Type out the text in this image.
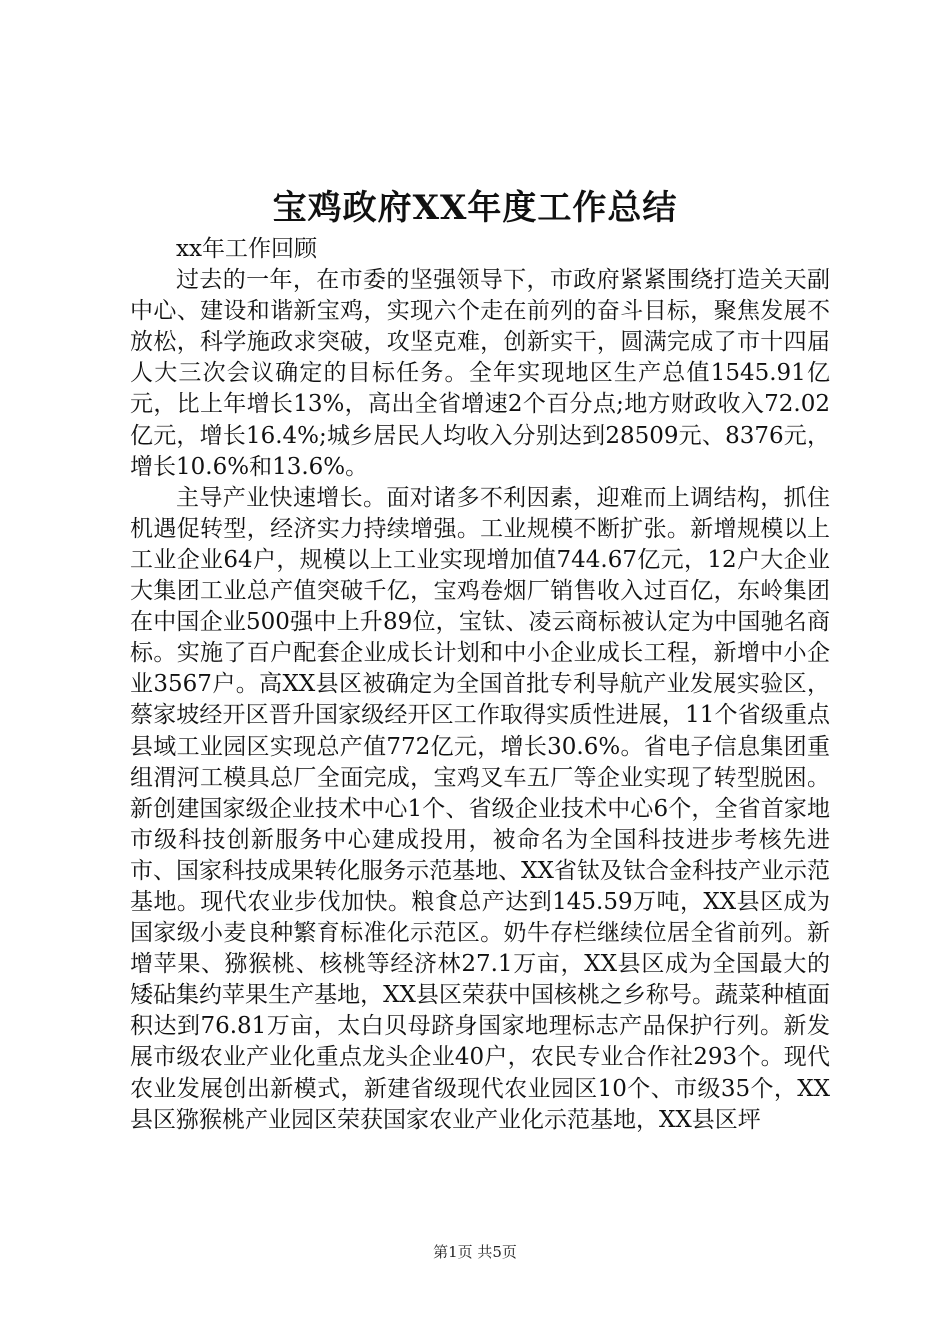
宝鸡政府XX年度工作总结

xx年工作回顾

过去的一年，在市委的坚强领导下，市政府紧紧围绕打造关天副中心、建设和谐新宝鸡，实现六个走在前列的奋斗目标，聚焦发展不放松，科学施政求突破，攻坚克难，创新实干，圆满完成了市十四届人大三次会议确定的目标任务。全年实现地区生产总值1545.91亿元，比上年增长13%，高出全省增速2个百分点;地方财政收入72.02亿元，增长16.4%;城乡居民人均收入分别达到28509元、8376元，增长10.6%和13.6%。

主导产业快速增长。面对诸多不利因素，迎难而上调结构，抓住机遇促转型，经济实力持续增强。工业规模不断扩张。新增规模以上工业企业64户，规模以上工业实现增加值744.67亿元，12户大企业大集团工业总产值突破千亿，宝鸡卷烟厂销售收入过百亿，东岭集团在中国企业500强中上升89位，宝钛、凌云商标被认定为中国驰名商标。实施了百户配套企业成长计划和中小企业成长工程，新增中小企业3567户。高XX县区被确定为全国首批专利导航产业发展实验区，蔡家坡经开区晋升国家级经开区工作取得实质性进展，11个省级重点县域工业园区实现总产值772亿元，增长30.6%。省电子信息集团重组渭河工模具总厂全面完成，宝鸡叉车五厂等企业实现了转型脱困。新创建国家级企业技术中心1个、省级企业技术中心6个，全省首家地市级科技创新服务中心建成投用，被命名为全国科技进步考核先进市、国家科技成果转化服务示范基地、XX省钛及钛合金科技产业示范基地。现代农业步伐加快。粮食总产达到145.59万吨，XX县区成为国家级小麦良种繁育标准化示范区。奶牛存栏继续位居全省前列。新增苹果、猕猴桃、核桃等经济林27.1万亩，XX县区成为全国最大的矮砧集约苹果生产基地，XX县区荣获中国核桃之乡称号。蔬菜种植面积达到76.81万亩，太白贝母跻身国家地理标志产品保护行列。新发展市级农业产业化重点龙头企业40户，农民专业合作社293个。现代农业发展创出新模式，新建省级现代农业园区10个、市级35个，XX县区猕猴桃产业园区荣获国家农业产业化示范基地，XX县区坪

第1页 共5页
